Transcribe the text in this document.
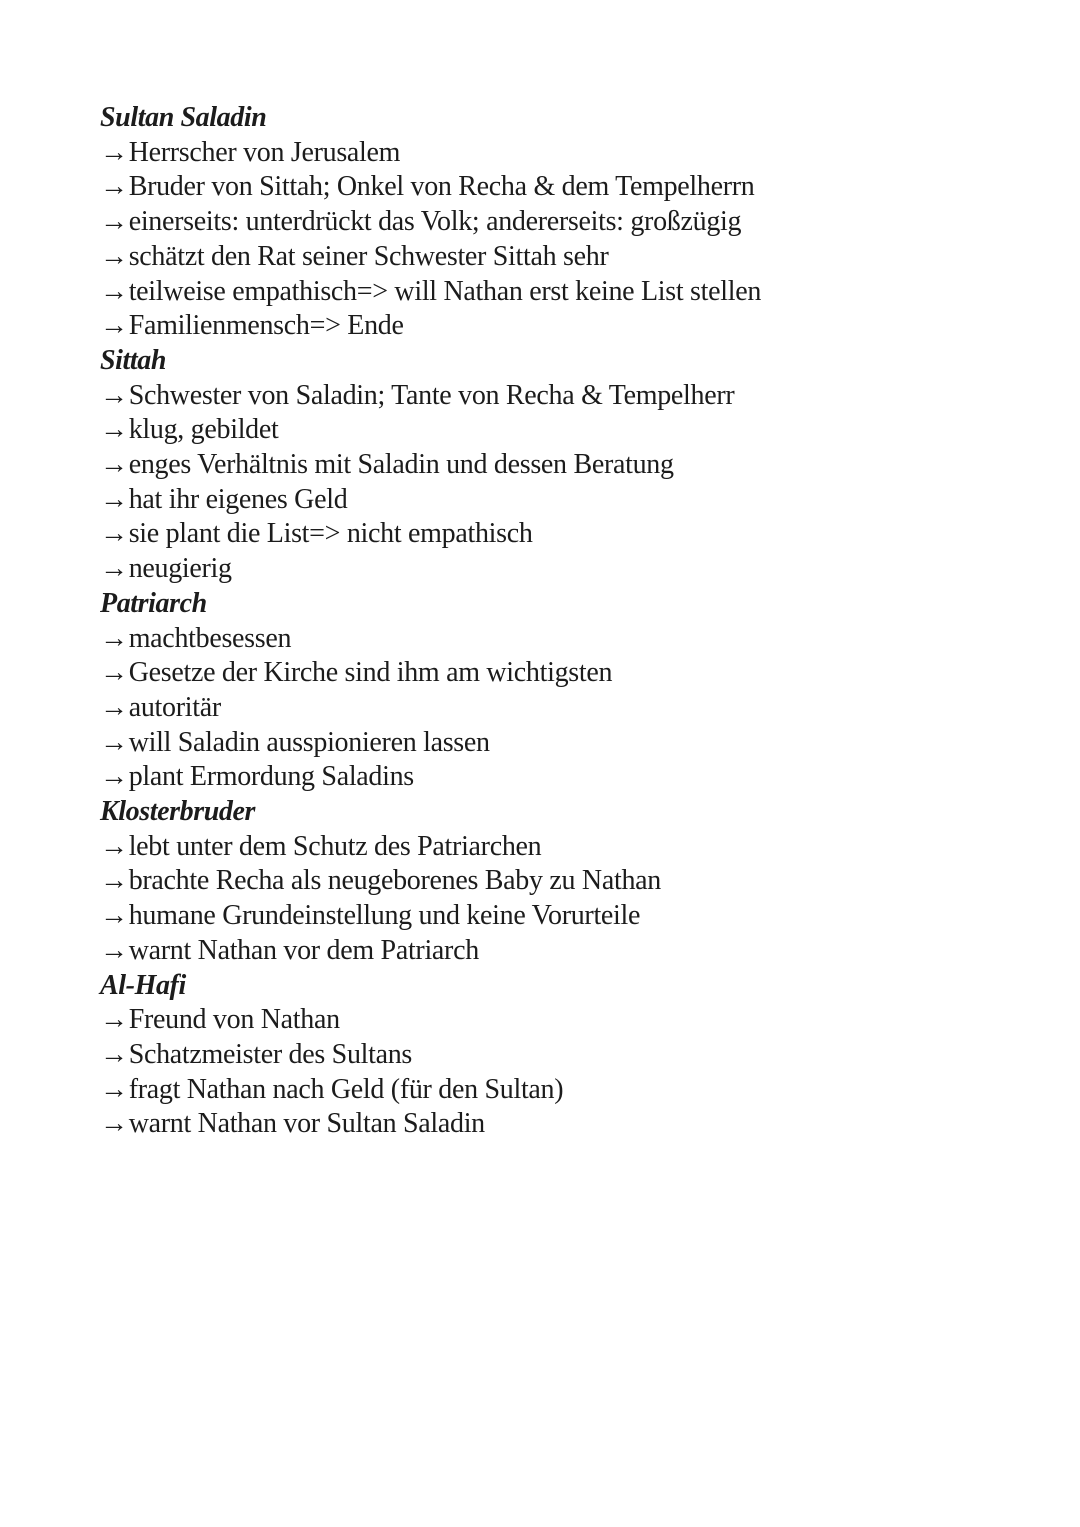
Sultan Saladin
→Herrscher von Jerusalem
→Bruder von Sittah; Onkel von Recha & dem Tempelherrn
→einerseits: unterdrückt das Volk; andererseits: großzügig
→schätzt den Rat seiner Schwester Sittah sehr
→teilweise empathisch=> will Nathan erst keine List stellen
→Familienmensch=> Ende
Sittah
→Schwester von Saladin; Tante von Recha & Tempelherr
→klug, gebildet
→enges Verhältnis mit Saladin und dessen Beratung
→hat ihr eigenes Geld
→sie plant die List=> nicht empathisch
→neugierig
Patriarch
→machtbesessen
→Gesetze der Kirche sind ihm am wichtigsten
→autoritär
→will Saladin ausspionieren lassen
→plant Ermordung Saladins
Klosterbruder
→lebt unter dem Schutz des Patriarchen
→brachte Recha als neugeborenes Baby zu Nathan
→humane Grundeinstellung und keine Vorurteile
→warnt Nathan vor dem Patriarch
Al-Hafi
→Freund von Nathan
→Schatzmeister des Sultans
→fragt Nathan nach Geld (für den Sultan)
→warnt Nathan vor Sultan Saladin
